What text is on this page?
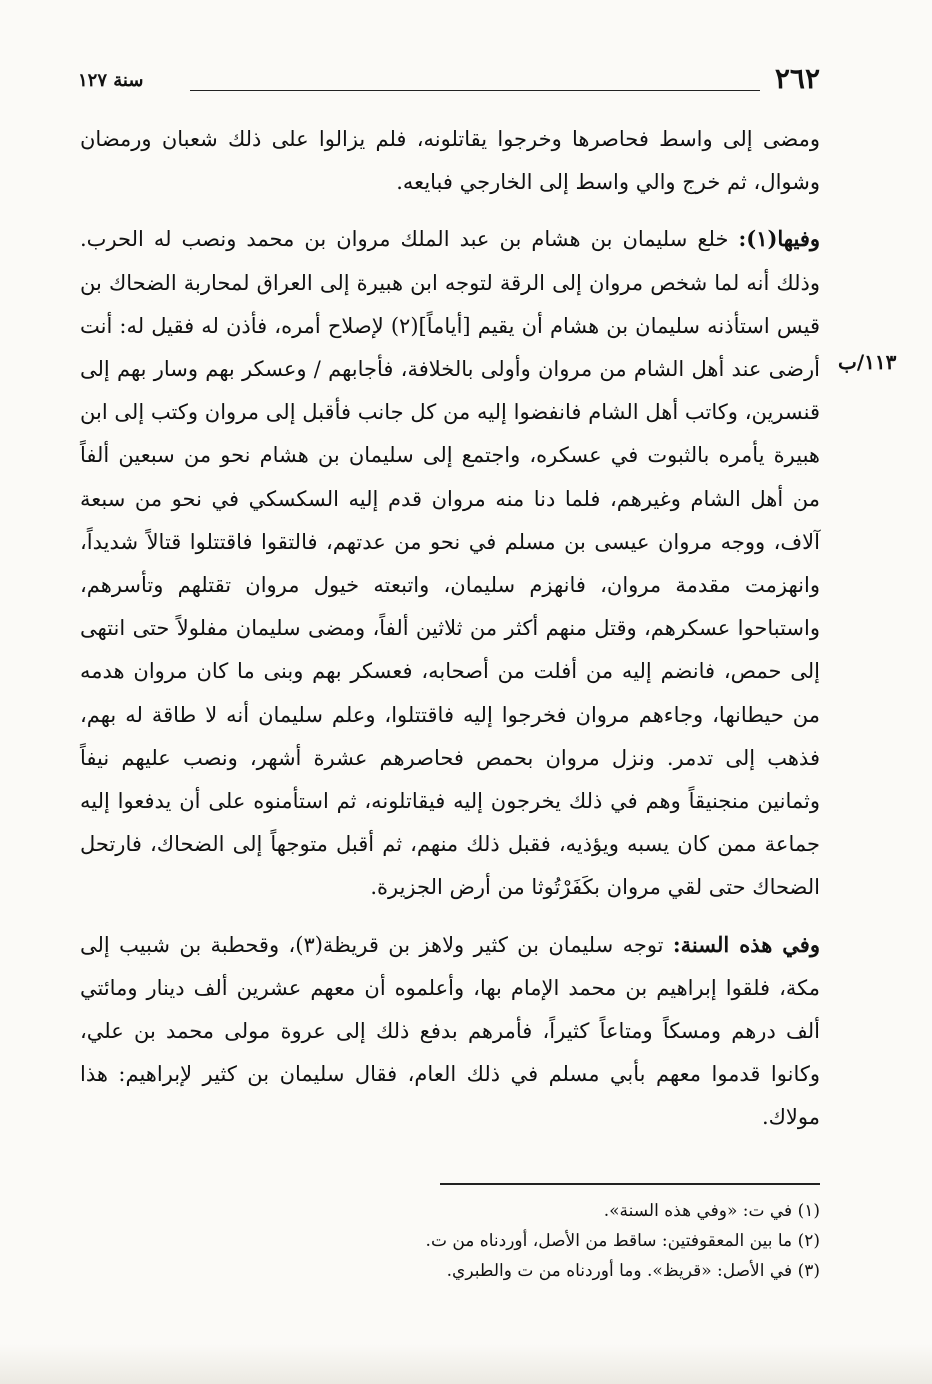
٢٦٢
سنة ١٢٧
١١٣/ب

ومضى إلى واسط فحاصرها وخرجوا يقاتلونه، فلم يزالوا على ذلك شعبان ورمضان وشوال، ثم خرج والي واسط إلى الخارجي فبايعه.

وفيها(١): خلع سليمان بن هشام بن عبد الملك مروان بن محمد ونصب له الحرب. وذلك أنه لما شخص مروان إلى الرقة لتوجه ابن هبيرة إلى العراق لمحاربة الضحاك بن قيس استأذنه سليمان بن هشام أن يقيم [أياماً](٢) لإصلاح أمره، فأذن له فقيل له: أنت أرضى عند أهل الشام من مروان وأولى بالخلافة، فأجابهم / وعسكر بهم وسار بهم إلى قنسرين، وكاتب أهل الشام فانفضوا إليه من كل جانب فأقبل إلى مروان وكتب إلى ابن هبيرة يأمره بالثبوت في عسكره، واجتمع إلى سليمان بن هشام نحو من سبعين ألفاً من أهل الشام وغيرهم، فلما دنا منه مروان قدم إليه السكسكي في نحو من سبعة آلاف، ووجه مروان عيسى بن مسلم في نحو من عدتهم، فالتقوا فاقتتلوا قتالاً شديداً، وانهزمت مقدمة مروان، فانهزم سليمان، واتبعته خيول مروان تقتلهم وتأسرهم، واستباحوا عسكرهم، وقتل منهم أكثر من ثلاثين ألفاً، ومضى سليمان مفلولاً حتى انتهى إلى حمص، فانضم إليه من أفلت من أصحابه، فعسكر بهم وبنى ما كان مروان هدمه من حيطانها، وجاءهم مروان فخرجوا إليه فاقتتلوا، وعلم سليمان أنه لا طاقة له بهم، فذهب إلى تدمر. ونزل مروان بحمص فحاصرهم عشرة أشهر، ونصب عليهم نيفاً وثمانين منجنيقاً وهم في ذلك يخرجون إليه فيقاتلونه، ثم استأمنوه على أن يدفعوا إليه جماعة ممن كان يسبه ويؤذيه، فقبل ذلك منهم، ثم أقبل متوجهاً إلى الضحاك، فارتحل الضحاك حتى لقي مروان بكَفَرْتُوثا من أرض الجزيرة.

وفي هذه السنة: توجه سليمان بن كثير ولاهز بن قريظة(٣)، وقحطبة بن شبيب إلى مكة، فلقوا إبراهيم بن محمد الإمام بها، وأعلموه أن معهم عشرين ألف دينار ومائتي ألف درهم ومسكاً ومتاعاً كثيراً، فأمرهم بدفع ذلك إلى عروة مولى محمد بن علي، وكانوا قدموا معهم بأبي مسلم في ذلك العام، فقال سليمان بن كثير لإبراهيم: هذا مولاك.

(١) في ت: «وفي هذه السنة».
(٢) ما بين المعقوفتين: ساقط من الأصل، أوردناه من ت.
(٣) في الأصل: «قريظ». وما أوردناه من ت والطبري.
